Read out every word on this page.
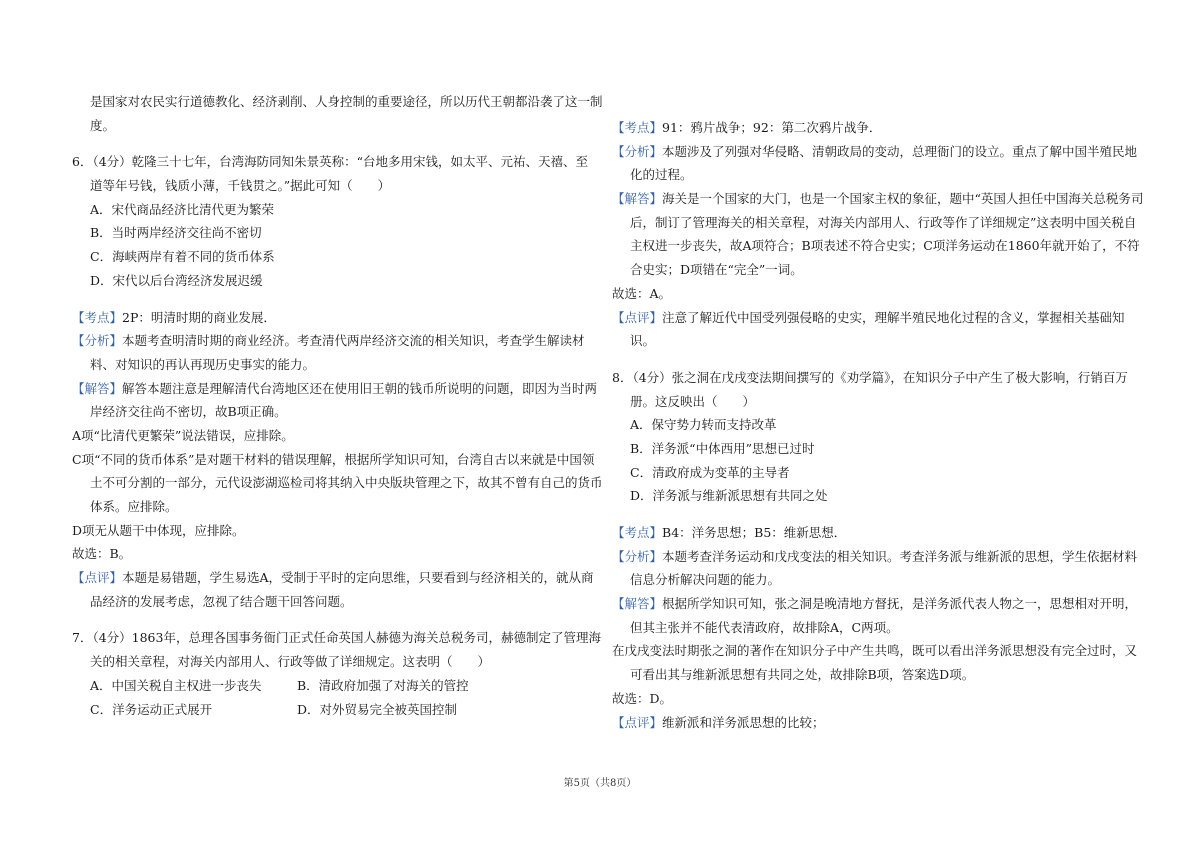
是国家对农民实行道德教化、经济剥削、人身控制的重要途径，所以历代王朝都沿袭了这一制
度。
6．（4分）乾隆三十七年，台湾海防同知朱景英称：“台地多用宋钱，如太平、元祐、天禧、至
道等年号钱，钱质小薄，千钱贯之。”据此可知（　　）
A．宋代商品经济比清代更为繁荣
B．当时两岸经济交往尚不密切
C．海峡两岸有着不同的货币体系
D．宋代以后台湾经济发展迟缓
【考点】2P：明清时期的商业发展．
【分析】本题考查明清时期的商业经济。考查清代两岸经济交流的相关知识，考查学生解读材
料、对知识的再认再现历史事实的能力。
【解答】解答本题注意是理解清代台湾地区还在使用旧王朝的钱币所说明的问题，即因为当时两
岸经济交往尚不密切，故B项正确。
A项“比清代更繁荣”说法错误，应排除。
C项“不同的货币体系”是对题干材料的错误理解，根据所学知识可知，台湾自古以来就是中国领
土不可分割的一部分，元代设澎湖巡检司将其纳入中央版块管理之下，故其不曾有自己的货币
体系。应排除。
D项无从题干中体现，应排除。
故选：B。
【点评】本题是易错题，学生易选A，受制于平时的定向思维，只要看到与经济相关的，就从商
品经济的发展考虑，忽视了结合题干回答问题。
7．（4分）1863年，总理各国事务衙门正式任命英国人赫德为海关总税务司，赫德制定了管理海
关的相关章程，对海关内部用人、行政等做了详细规定。这表明（　　）
A．中国关税自主权进一步丧失	B．清政府加强了对海关的管控
C．洋务运动正式展开	D．对外贸易完全被英国控制
【考点】91：鸦片战争；92：第二次鸦片战争．
【分析】本题涉及了列强对华侵略、清朝政局的变动，总理衙门的设立。重点了解中国半殖民地
化的过程。
【解答】海关是一个国家的大门，也是一个国家主权的象征，题中“英国人担任中国海关总税务司
后，制订了管理海关的相关章程，对海关内部用人、行政等作了详细规定”这表明中国关税自
主权进一步丧失，故A项符合；B项表述不符合史实；C项洋务运动在1860年就开始了，不符
合史实；D项错在“完全”一词。
故选：A。
【点评】注意了解近代中国受列强侵略的史实，理解半殖民地化过程的含义，掌握相关基础知
识。
8．（4分）张之洞在戊戌变法期间撰写的《劝学篇》，在知识分子中产生了极大影响，行销百万
册。这反映出（　　）
A．保守势力转而支持改革
B．洋务派“中体西用”思想已过时
C．清政府成为变革的主导者
D．洋务派与维新派思想有共同之处
【考点】B4：洋务思想；B5：维新思想．
【分析】本题考查洋务运动和戊戌变法的相关知识。考查洋务派与维新派的思想，学生依据材料
信息分析解决问题的能力。
【解答】根据所学知识可知，张之洞是晚清地方督抚，是洋务派代表人物之一，思想相对开明，
但其主张并不能代表清政府，故排除A，C两项。
在戊戌变法时期张之洞的著作在知识分子中产生共鸣，既可以看出洋务派思想没有完全过时，又
可看出其与维新派思想有共同之处，故排除B项，答案选D项。
故选：D。
【点评】维新派和洋务派思想的比较；
第5页（共8页）
